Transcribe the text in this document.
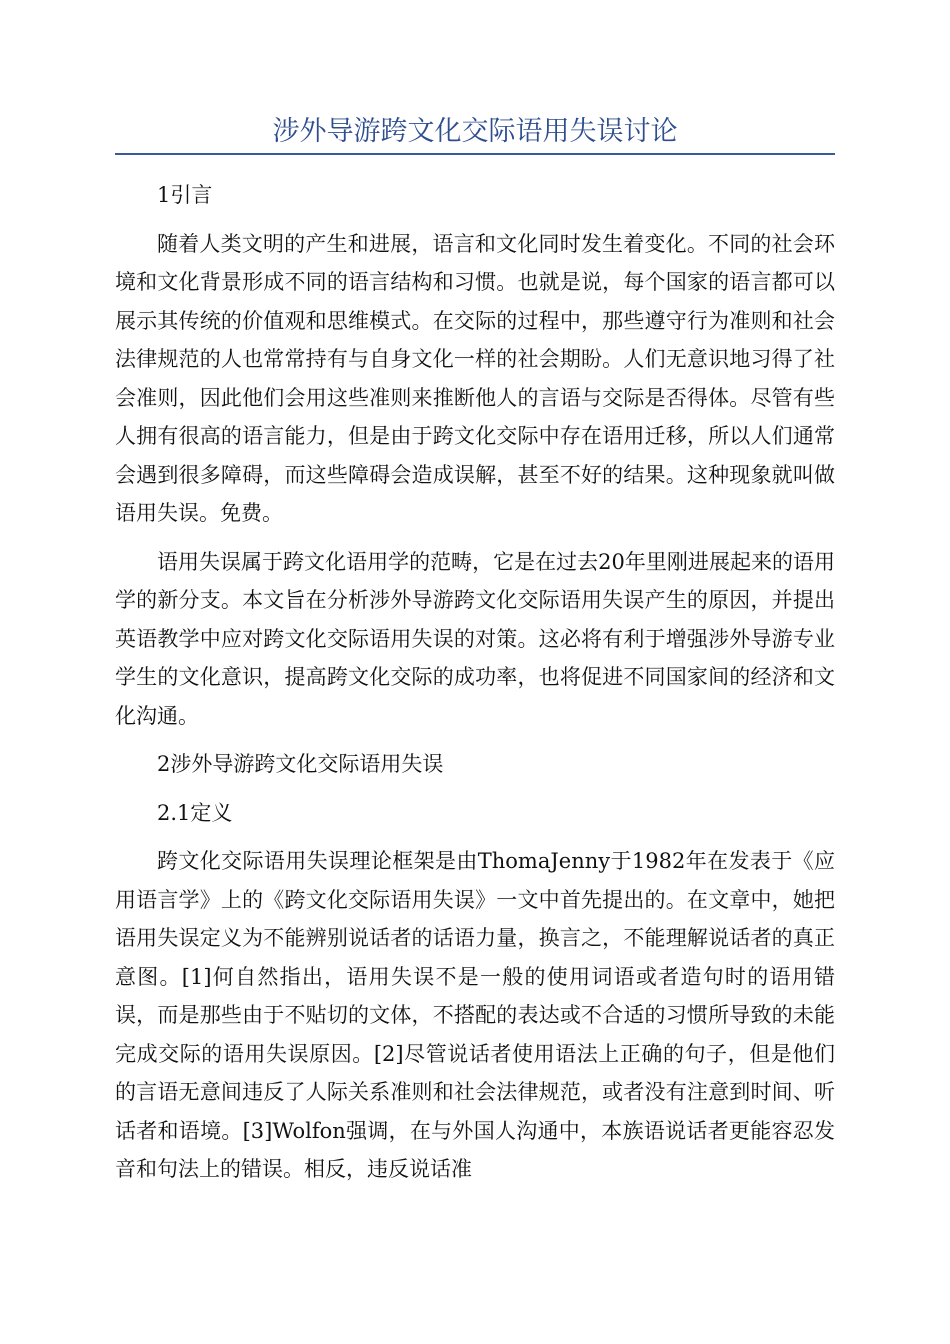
涉外导游跨文化交际语用失误讨论

1引言

随着人类文明的产生和进展，语言和文化同时发生着变化。不同的社会环境和文化背景形成不同的语言结构和习惯。也就是说，每个国家的语言都可以展示其传统的价值观和思维模式。在交际的过程中，那些遵守行为准则和社会法律规范的人也常常持有与自身文化一样的社会期盼。人们无意识地习得了社会准则，因此他们会用这些准则来推断他人的言语与交际是否得体。尽管有些人拥有很高的语言能力，但是由于跨文化交际中存在语用迁移，所以人们通常会遇到很多障碍，而这些障碍会造成误解，甚至不好的结果。这种现象就叫做语用失误。免费。

语用失误属于跨文化语用学的范畴，它是在过去20年里刚进展起来的语用学的新分支。本文旨在分析涉外导游跨文化交际语用失误产生的原因，并提出英语教学中应对跨文化交际语用失误的对策。这必将有利于增强涉外导游专业学生的文化意识，提高跨文化交际的成功率，也将促进不同国家间的经济和文化沟通。

2涉外导游跨文化交际语用失误

2.1定义

跨文化交际语用失误理论框架是由ThomaJenny于1982年在发表于《应用语言学》上的《跨文化交际语用失误》一文中首先提出的。在文章中，她把语用失误定义为不能辨别说话者的话语力量，换言之，不能理解说话者的真正意图。[1]何自然指出，语用失误不是一般的使用词语或者造句时的语用错误，而是那些由于不贴切的文体，不搭配的表达或不合适的习惯所导致的未能完成交际的语用失误原因。[2]尽管说话者使用语法上正确的句子，但是他们的言语无意间违反了人际关系准则和社会法律规范，或者没有注意到时间、听话者和语境。[3]Wolfon强调，在与外国人沟通中，本族语说话者更能容忍发音和句法上的错误。相反，违反说话准
